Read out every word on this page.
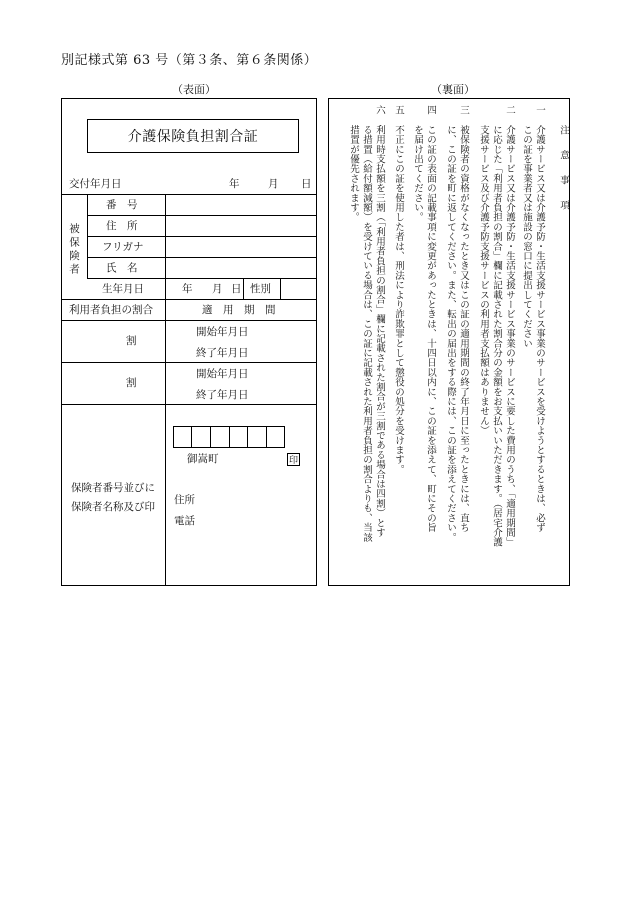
別記様式第 63 号（第３条、第６条関係）
（表面）	（裏面）
介護保険負担割合証
交付年月日	年	月 日
被保険者
番　号
住　所
フリガナ
氏　名
生年月日	年 月 日 性別
利用者負担の割合	適　用　期　間
割
開始年月日
終了年月日
割
開始年月日
終了年月日
保険者番号並びに
保険者名称及び印
御嵩町	印
住所
電話
注　意　事　項
一
介護サービス又は介護予防・生活支援サービス事業のサービスを受けようとするときは、必ず
この証を事業者又は施設の窓口に提出してください
二
介護サービス又は介護予防・生活支援サービス事業のサービスに要した費用のうち、「適用期間」
に応じた「利用者負担の割合」欄に記載された割合分の金額をお支払いいただきます。（居宅介護
支援サービス及び介護予防支援サービスの利用者支払額はありません）
三
被保険者の資格がなくなったとき又はこの証の適用期間の終了年月日に至ったときには、直ち
に、この証を町に返してください。また、転出の届出をする際には、この証を添えてください。
四
この証の表面の記載事項に変更があったときは、十四日以内に、この証を添えて、町にその旨
を届け出てください。
五
不正にこの証を使用した者は、刑法により詐欺罪として懲役の処分を受けます。
六
利用時支払額を三割（「利用者負担の割合」欄に記載された割合が三割である場合は四割）とす
る措置（給付額減額）を受けている場合は、この証に記載された利用者負担の割合よりも、当該
措置が優先されます。
